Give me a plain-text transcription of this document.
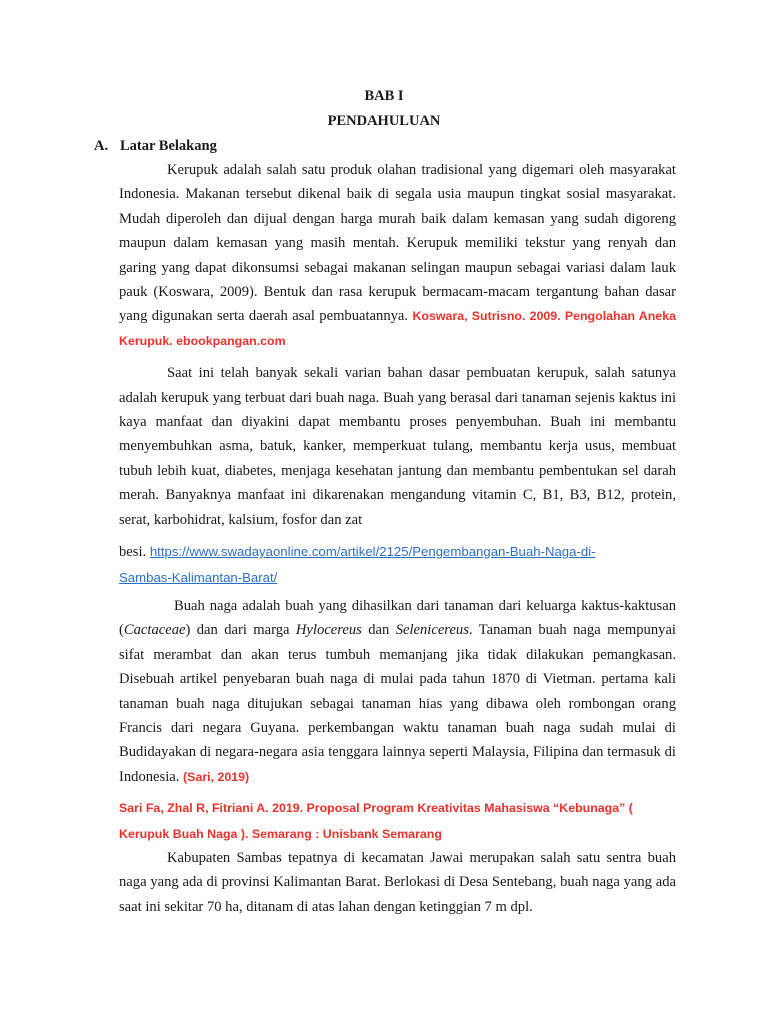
BAB I
PENDAHULUAN
A. Latar Belakang

Kerupuk adalah salah satu produk olahan tradisional yang digemari oleh masyarakat Indonesia. Makanan tersebut dikenal baik di segala usia maupun tingkat sosial masyarakat. Mudah diperoleh dan dijual dengan harga murah baik dalam kemasan yang sudah digoreng maupun dalam kemasan yang masih mentah. Kerupuk memiliki tekstur yang renyah dan garing yang dapat dikonsumsi sebagai makanan selingan maupun sebagai variasi dalam lauk pauk (Koswara, 2009). Bentuk dan rasa kerupuk bermacam-macam tergantung bahan dasar yang digunakan serta daerah asal pembuatannya. Koswara, Sutrisno. 2009. Pengolahan Aneka Kerupuk. ebookpangan.com

Saat ini telah banyak sekali varian bahan dasar pembuatan kerupuk, salah satunya adalah kerupuk yang terbuat dari buah naga. Buah yang berasal dari tanaman sejenis kaktus ini kaya manfaat dan diyakini dapat membantu proses penyembuhan. Buah ini membantu menyembuhkan asma, batuk, kanker, memperkuat tulang, membantu kerja usus, membuat tubuh lebih kuat, diabetes, menjaga kesehatan jantung dan membantu pembentukan sel darah merah. Banyaknya manfaat ini dikarenakan mengandung vitamin C, B1, B3, B12, protein, serat, karbohidrat, kalsium, fosfor dan zat

besi. https://www.swadayaonline.com/artikel/2125/Pengembangan-Buah-Naga-di-
Sambas-Kalimantan-Barat/

Buah naga adalah buah yang dihasilkan dari tanaman dari keluarga kaktus-kaktusan (Cactaceae) dan dari marga Hylocereus dan Selenicereus. Tanaman buah naga mempunyai sifat merambat dan akan terus tumbuh memanjang jika tidak dilakukan pemangkasan. Disebuah artikel penyebaran buah naga di mulai pada tahun 1870 di Vietman. pertama kali tanaman buah naga ditujukan sebagai tanaman hias yang dibawa oleh rombongan orang Francis dari negara Guyana. perkembangan waktu tanaman buah naga sudah mulai di Budidayakan di negara-negara asia tenggara lainnya seperti Malaysia, Filipina dan termasuk di Indonesia. (Sari, 2019)

Sari Fa, Zhal R, Fitriani A. 2019. Proposal Program Kreativitas Mahasiswa “Kebunaga” ( Kerupuk Buah Naga ). Semarang : Unisbank Semarang

Kabupaten Sambas tepatnya di kecamatan Jawai merupakan salah satu sentra buah naga yang ada di provinsi Kalimantan Barat. Berlokasi di Desa Sentebang, buah naga yang ada saat ini sekitar 70 ha, ditanam di atas lahan dengan ketinggian 7 m dpl.
